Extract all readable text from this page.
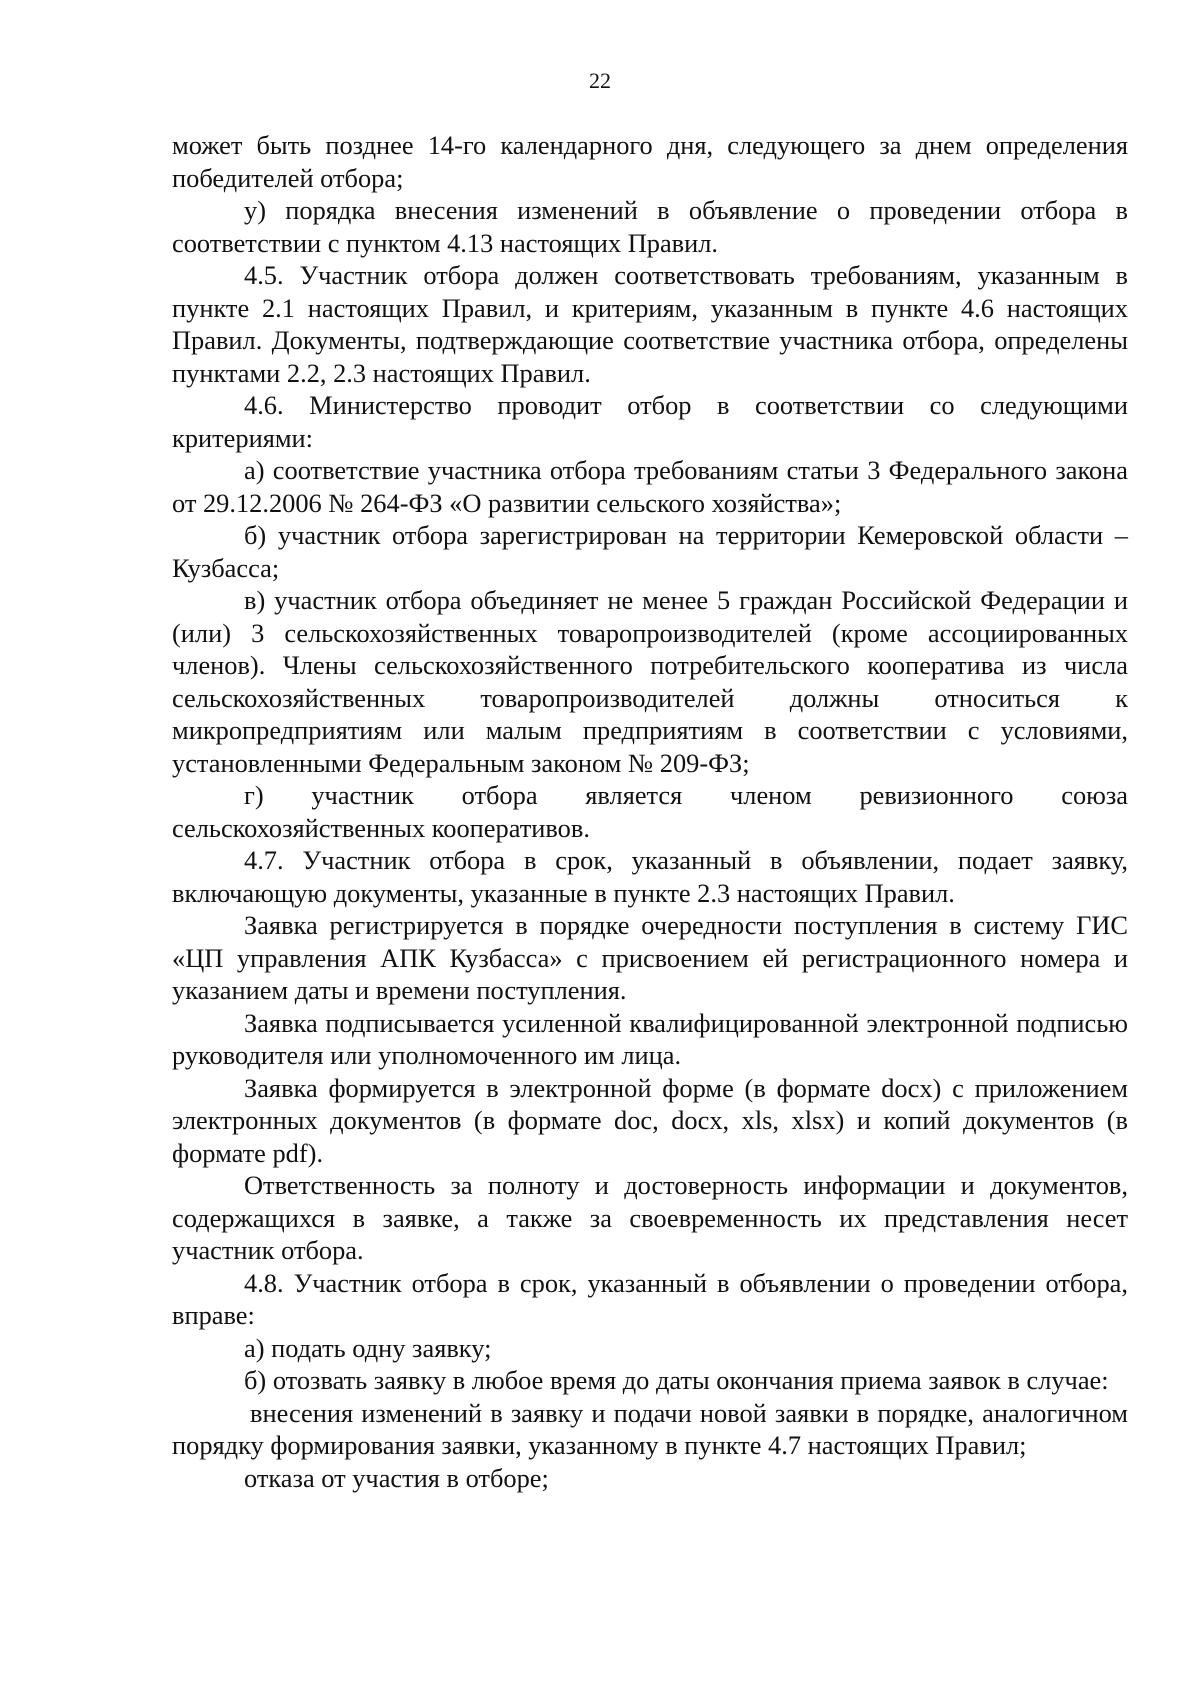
22

может быть позднее 14-го календарного дня, следующего за днем определения победителей отбора;

у) порядка внесения изменений в объявление о проведении отбора в соответствии с пунктом 4.13 настоящих Правил.

4.5. Участник отбора должен соответствовать требованиям, указанным в пункте 2.1 настоящих Правил, и критериям, указанным в пункте 4.6 настоящих Правил. Документы, подтверждающие соответствие участника отбора, определены пунктами 2.2, 2.3 настоящих Правил.

4.6. Министерство проводит отбор в соответствии со следующими критериями:

а) соответствие участника отбора требованиям статьи 3 Федерального закона от 29.12.2006 № 264-ФЗ «О развитии сельского хозяйства»;

б) участник отбора зарегистрирован на территории Кемеровской области – Кузбасса;

в) участник отбора объединяет не менее 5 граждан Российской Федерации и (или) 3 сельскохозяйственных товаропроизводителей (кроме ассоциированных членов). Члены сельскохозяйственного потребительского кооператива из числа сельскохозяйственных товаропроизводителей должны относиться к микропредприятиям или малым предприятиям в соответствии с условиями, установленными Федеральным законом № 209-ФЗ;

г) участник отбора является членом ревизионного союза сельскохозяйственных кооперативов.

4.7. Участник отбора в срок, указанный в объявлении, подает заявку, включающую документы, указанные в пункте 2.3 настоящих Правил.

Заявка регистрируется в порядке очередности поступления в систему ГИС «ЦП управления АПК Кузбасса» с присвоением ей регистрационного номера и указанием даты и времени поступления.

Заявка подписывается усиленной квалифицированной электронной подписью руководителя или уполномоченного им лица.

Заявка формируется в электронной форме (в формате docx) с приложением электронных документов (в формате doc, docx, xls, xlsx) и копий документов (в формате pdf).

Ответственность за полноту и достоверность информации и документов, содержащихся в заявке, а также за своевременность их представления несет участник отбора.

4.8. Участник отбора в срок, указанный в объявлении о проведении отбора, вправе:

а) подать одну заявку;

б) отозвать заявку в любое время до даты окончания приема заявок в случае:

внесения изменений в заявку и подачи новой заявки в порядке, аналогичном порядку формирования заявки, указанному в пункте 4.7 настоящих Правил;

отказа от участия в отборе;
